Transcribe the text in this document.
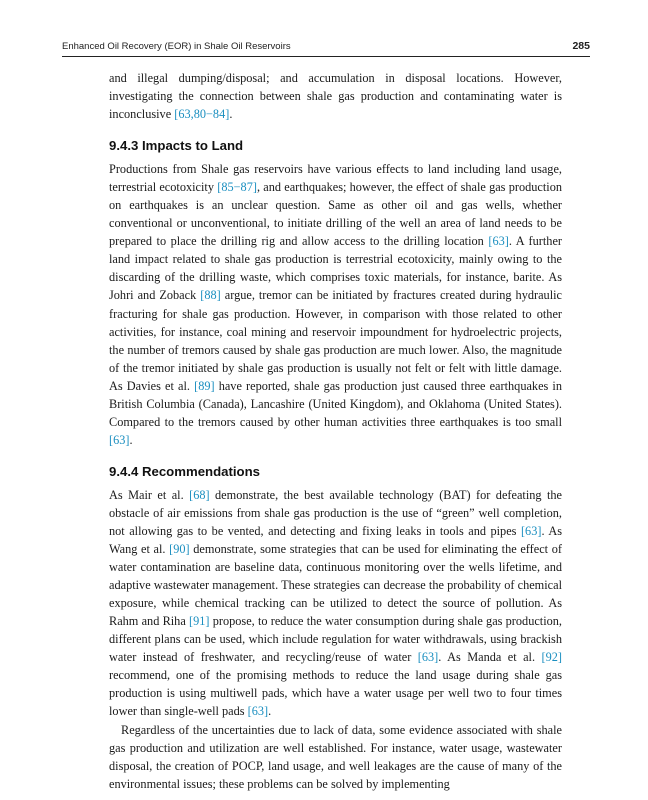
Enhanced Oil Recovery (EOR) in Shale Oil Reservoirs	285

and illegal dumping/disposal; and accumulation in disposal locations. However, investigating the connection between shale gas production and contaminating water is inconclusive [63,80−84].

9.4.3 Impacts to Land

Productions from Shale gas reservoirs have various effects to land including land usage, terrestrial ecotoxicity [85−87], and earthquakes; however, the effect of shale gas production on earthquakes is an unclear question. Same as other oil and gas wells, whether conventional or unconventional, to initiate drilling of the well an area of land needs to be prepared to place the drilling rig and allow access to the drilling location [63]. A further land impact related to shale gas production is terrestrial ecotoxicity, mainly owing to the discarding of the drilling waste, which comprises toxic materials, for instance, barite. As Johri and Zoback [88] argue, tremor can be initiated by fractures created during hydraulic fracturing for shale gas production. However, in comparison with those related to other activities, for instance, coal mining and reservoir impoundment for hydroelectric projects, the number of tremors caused by shale gas production are much lower. Also, the magnitude of the tremor initiated by shale gas production is usually not felt or felt with little damage. As Davies et al. [89] have reported, shale gas production just caused three earthquakes in British Columbia (Canada), Lancashire (United Kingdom), and Oklahoma (United States). Compared to the tremors caused by other human activities three earthquakes is too small [63].

9.4.4 Recommendations

As Mair et al. [68] demonstrate, the best available technology (BAT) for defeating the obstacle of air emissions from shale gas production is the use of “green” well completion, not allowing gas to be vented, and detecting and fixing leaks in tools and pipes [63]. As Wang et al. [90] demonstrate, some strategies that can be used for eliminating the effect of water contamination are baseline data, continuous monitoring over the wells lifetime, and adaptive wastewater management. These strategies can decrease the probability of chemical exposure, while chemical tracking can be utilized to detect the source of pollution. As Rahm and Riha [91] propose, to reduce the water consumption during shale gas production, different plans can be used, which include regulation for water withdrawals, using brackish water instead of freshwater, and recycling/reuse of water [63]. As Manda et al. [92] recommend, one of the promising methods to reduce the land usage during shale gas production is using multiwell pads, which have a water usage per well two to four times lower than single-well pads [63].

Regardless of the uncertainties due to lack of data, some evidence associated with shale gas production and utilization are well established. For instance, water usage, wastewater disposal, the creation of POCP, land usage, and well leakages are the cause of many of the environmental issues; these problems can be solved by implementing
